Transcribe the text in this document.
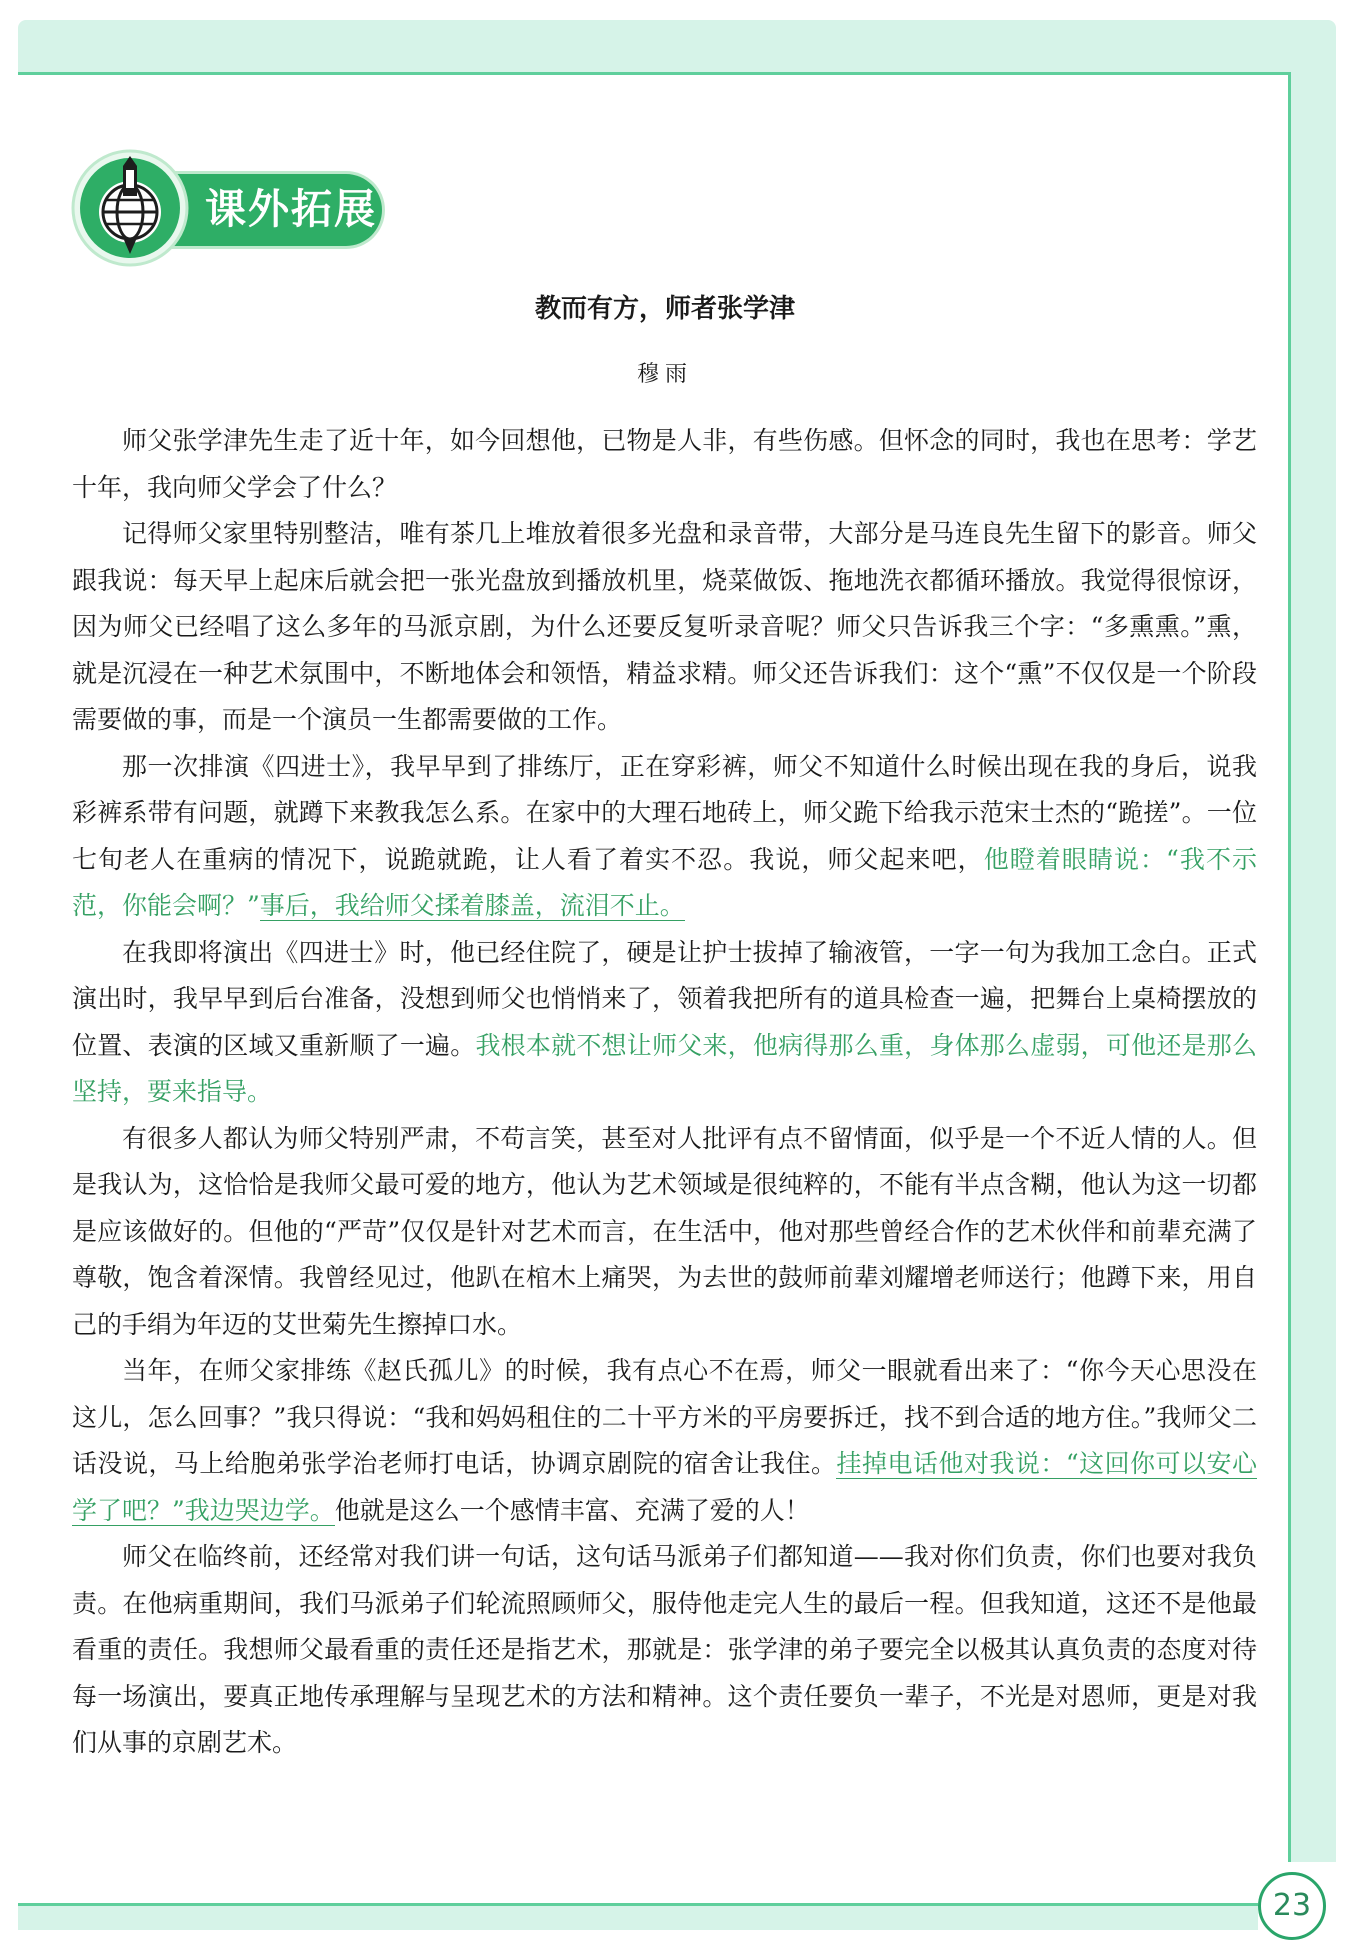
课外拓展
教而有方，师者张学津
穆雨

师父张学津先生走了近十年，如今回想他，已物是人非，有些伤感。但怀念的同时，我也在思考：学艺十年，我向师父学会了什么？

记得师父家里特别整洁，唯有茶几上堆放着很多光盘和录音带，大部分是马连良先生留下的影音。师父跟我说：每天早上起床后就会把一张光盘放到播放机里，烧菜做饭、拖地洗衣都循环播放。我觉得很惊讶，因为师父已经唱了这么多年的马派京剧，为什么还要反复听录音呢？师父只告诉我三个字：“多熏熏。”熏，就是沉浸在一种艺术氛围中，不断地体会和领悟，精益求精。师父还告诉我们：这个“熏”不仅仅是一个阶段需要做的事，而是一个演员一生都需要做的工作。

那一次排演《四进士》，我早早到了排练厅，正在穿彩裤，师父不知道什么时候出现在我的身后，说我彩裤系带有问题，就蹲下来教我怎么系。在家中的大理石地砖上，师父跪下给我示范宋士杰的“跪搓”。一位七旬老人在重病的情况下，说跪就跪，让人看了着实不忍。我说，师父起来吧，他瞪着眼睛说：“我不示范，你能会啊？”事后，我给师父揉着膝盖，流泪不止。

在我即将演出《四进士》时，他已经住院了，硬是让护士拔掉了输液管，一字一句为我加工念白。正式演出时，我早早到后台准备，没想到师父也悄悄来了，领着我把所有的道具检查一遍，把舞台上桌椅摆放的位置、表演的区域又重新顺了一遍。我根本就不想让师父来，他病得那么重，身体那么虚弱，可他还是那么坚持，要来指导。

有很多人都认为师父特别严肃，不苟言笑，甚至对人批评有点不留情面，似乎是一个不近人情的人。但是我认为，这恰恰是我师父最可爱的地方，他认为艺术领域是很纯粹的，不能有半点含糊，他认为这一切都是应该做好的。但他的“严苛”仅仅是针对艺术而言，在生活中，他对那些曾经合作的艺术伙伴和前辈充满了尊敬，饱含着深情。我曾经见过，他趴在棺木上痛哭，为去世的鼓师前辈刘耀增老师送行；他蹲下来，用自己的手绢为年迈的艾世菊先生擦掉口水。

当年，在师父家排练《赵氏孤儿》的时候，我有点心不在焉，师父一眼就看出来了：“你今天心思没在这儿，怎么回事？”我只得说：“我和妈妈租住的二十平方米的平房要拆迁，找不到合适的地方住。”我师父二话没说，马上给胞弟张学治老师打电话，协调京剧院的宿舍让我住。挂掉电话他对我说：“这回你可以安心学了吧？”我边哭边学。他就是这么一个感情丰富、充满了爱的人！

师父在临终前，还经常对我们讲一句话，这句话马派弟子们都知道——我对你们负责，你们也要对我负责。在他病重期间，我们马派弟子们轮流照顾师父，服侍他走完人生的最后一程。但我知道，这还不是他最看重的责任。我想师父最看重的责任还是指艺术，那就是：张学津的弟子要完全以极其认真负责的态度对待每一场演出，要真正地传承理解与呈现艺术的方法和精神。这个责任要负一辈子，不光是对恩师，更是对我们从事的京剧艺术。

23
